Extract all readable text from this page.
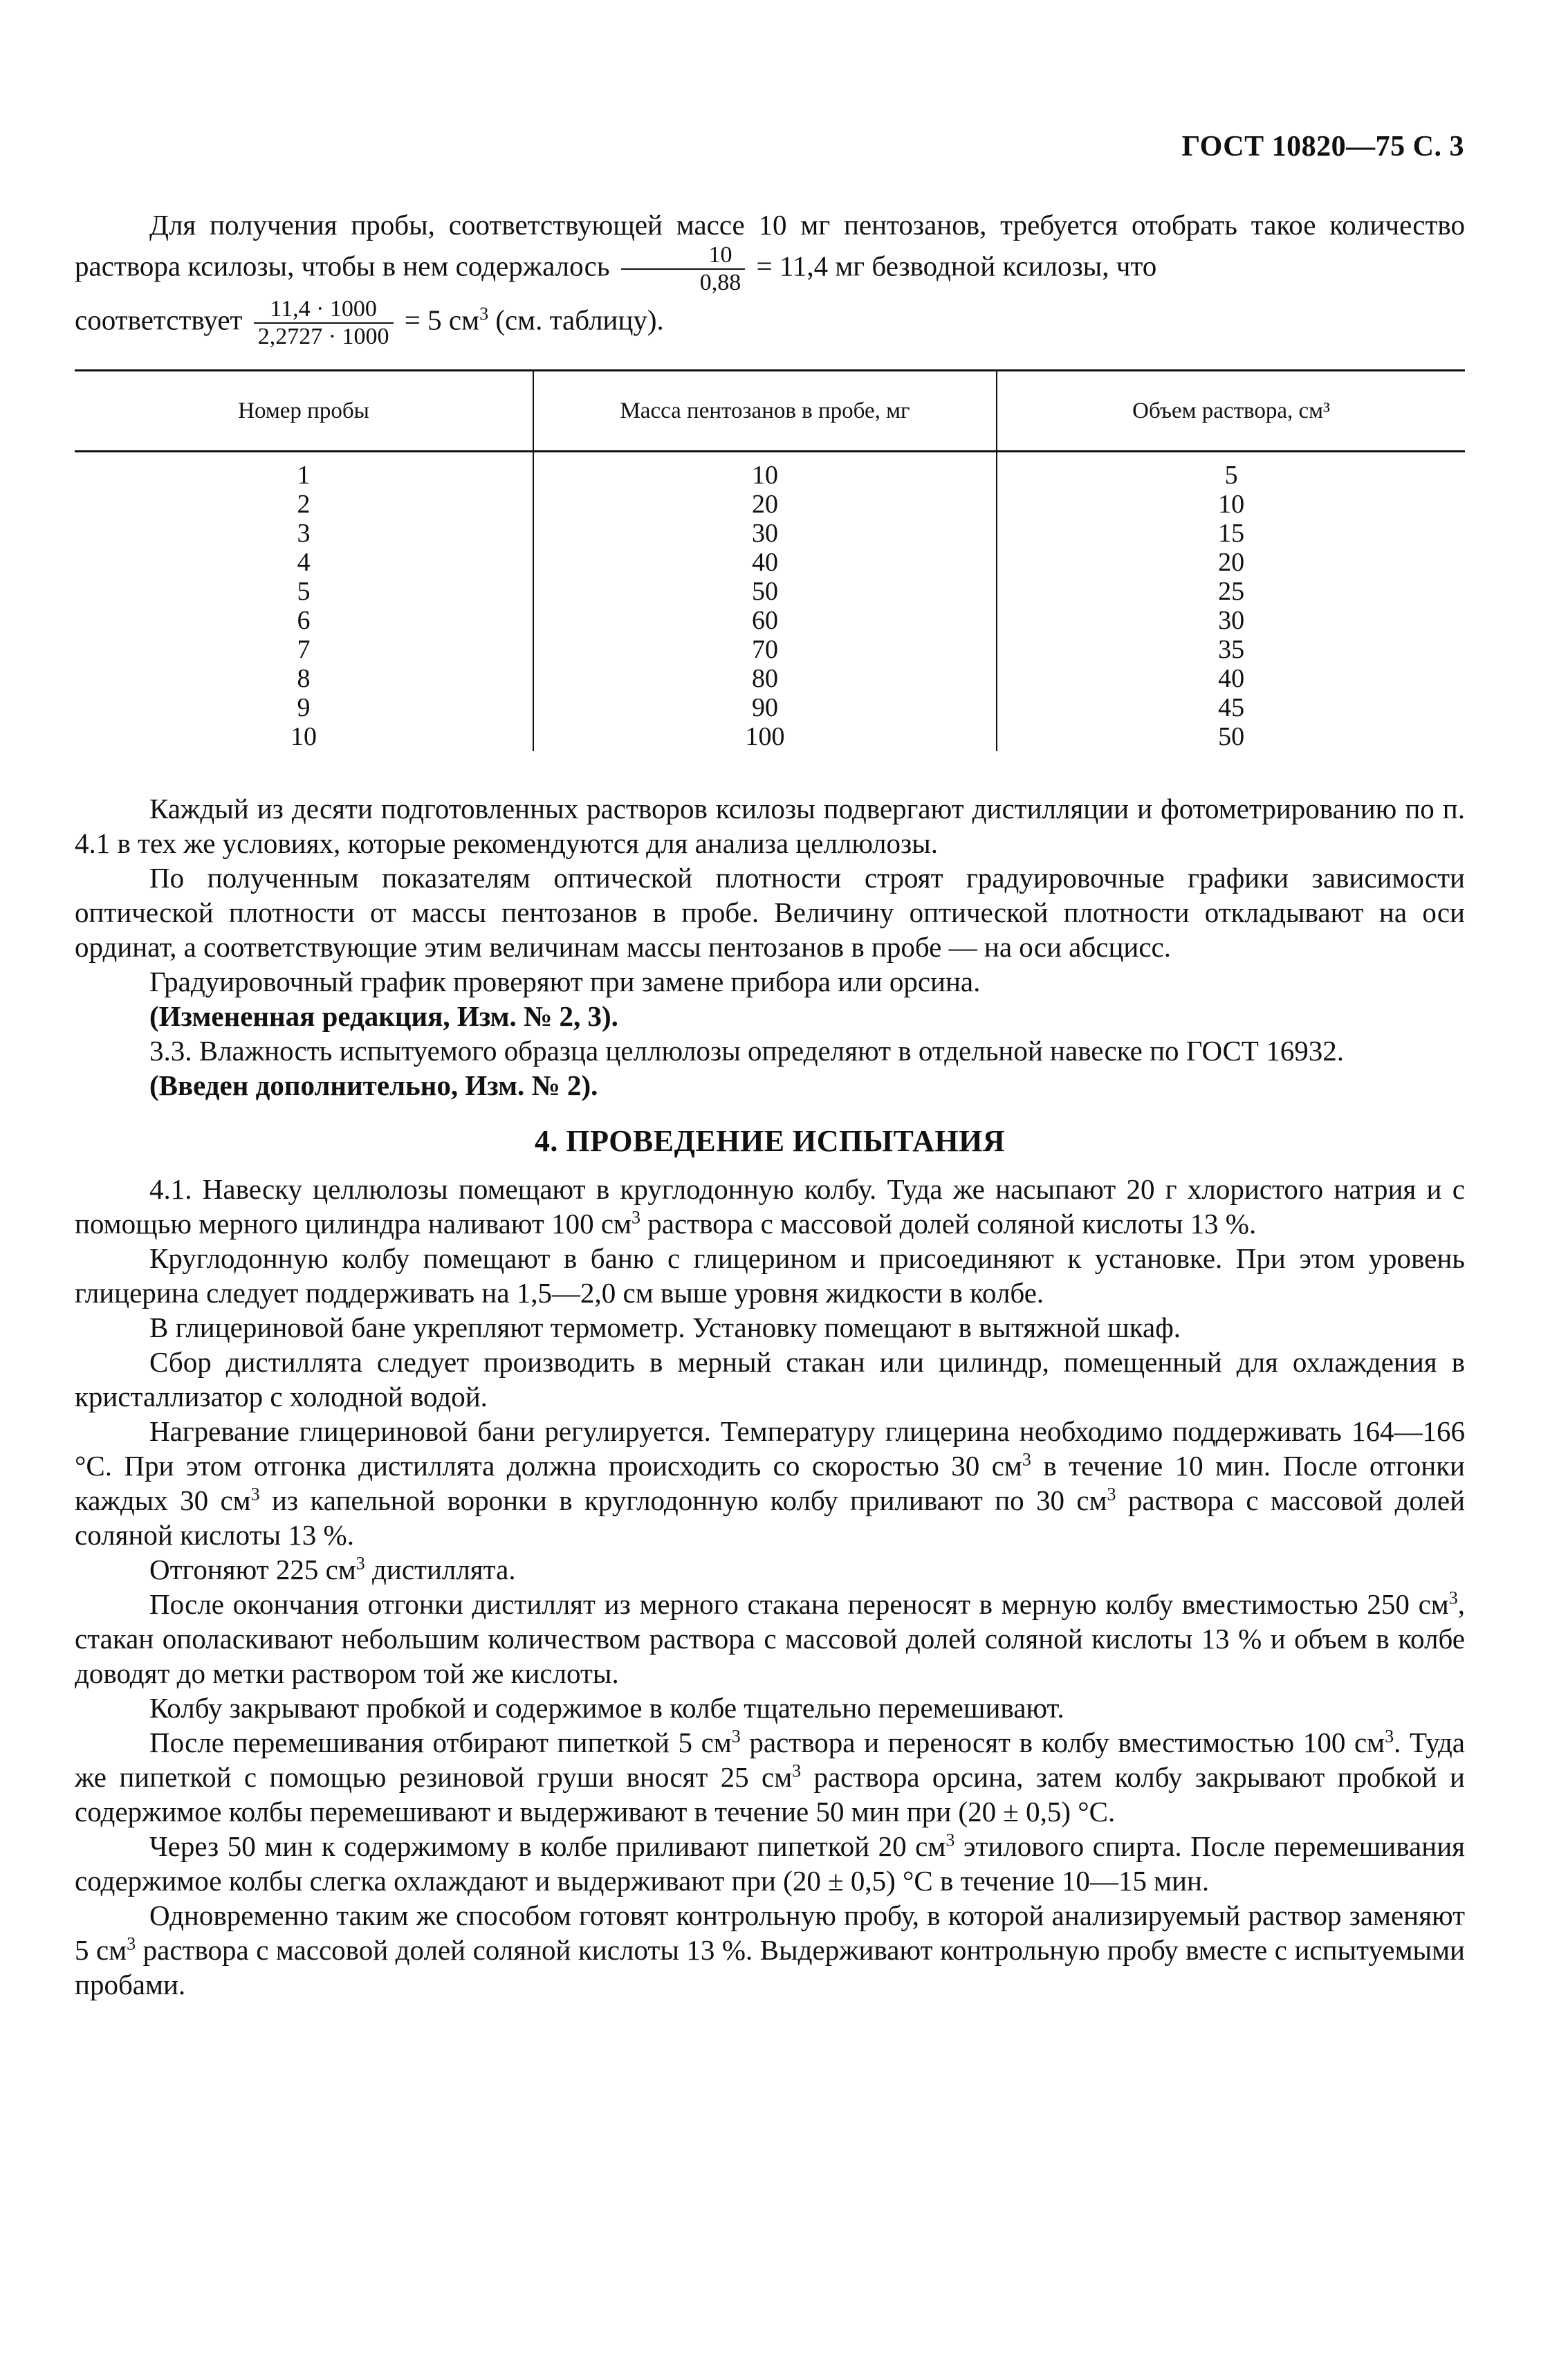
ГОСТ 10820—75 С. 3

Для получения пробы, соответствующей массе 10 мг пентозанов, требуется отобрать такое количество раствора ксилозы, чтобы в нем содержалось $\frac{10}{0,88} = 11,4$ мг безводной ксилозы, что

соответствует $\frac{11,4 \cdot 1000}{2,2727 \cdot 1000} = 5$ $см^3$ (см. таблицу).

Номер пробы	Масса пентозанов в пробе, мг	Объем раствора, см³
1	10	5
2	20	10
3	30	15
4	40	20
5	50	25
6	60	30
7	70	35
8	80	40
9	90	45
10	100	50

Каждый из десяти подготовленных растворов ксилозы подвергают дистилляции и фотометрированию по п. 4.1 в тех же условиях, которые рекомендуются для анализа целлюлозы.

По полученным показателям оптической плотности строят градуировочные графики зависимости оптической плотности от массы пентозанов в пробе. Величину оптической плотности откладывают на оси ординат, а соответствующие этим величинам массы пентозанов в пробе — на оси абсцисс.

Градуировочный график проверяют при замене прибора или орсина.

(Измененная редакция, Изм. № 2, 3).

3.3. Влажность испытуемого образца целлюлозы определяют в отдельной навеске по ГОСТ 16932.

(Введен дополнительно, Изм. № 2).

4. ПРОВЕДЕНИЕ ИСПЫТАНИЯ

4.1. Навеску целлюлозы помещают в круглодонную колбу. Туда же насыпают 20 г хлористого натрия и с помощью мерного цилиндра наливают 100 $см^3$ раствора с массовой долей соляной кислоты 13 %.

Круглодонную колбу помещают в баню с глицерином и присоединяют к установке. При этом уровень глицерина следует поддерживать на 1,5—2,0 см выше уровня жидкости в колбе.

В глицериновой бане укрепляют термометр. Установку помещают в вытяжной шкаф.

Сбор дистиллята следует производить в мерный стакан или цилиндр, помещенный для охлаждения в кристаллизатор с холодной водой.

Нагревание глицериновой бани регулируется. Температуру глицерина необходимо поддерживать 164—166 °С. При этом отгонка дистиллята должна происходить со скоростью 30 $см^3$ в течение 10 мин. После отгонки каждых 30 $см^3$ из капельной воронки в круглодонную колбу приливают по 30 $см^3$ раствора с массовой долей соляной кислоты 13 %.

Отгоняют 225 $см^3$ дистиллята.

После окончания отгонки дистиллят из мерного стакана переносят в мерную колбу вместимостью 250 $см^3$, стакан ополаскивают небольшим количеством раствора с массовой долей соляной кислоты 13 % и объем в колбе доводят до метки раствором той же кислоты.

Колбу закрывают пробкой и содержимое в колбе тщательно перемешивают.

После перемешивания отбирают пипеткой 5 $см^3$ раствора и переносят в колбу вместимостью 100 $см^3$. Туда же пипеткой с помощью резиновой груши вносят 25 $см^3$ раствора орсина, затем колбу закрывают пробкой и содержимое колбы перемешивают и выдерживают в течение 50 мин при (20 ± 0,5) °С.

Через 50 мин к содержимому в колбе приливают пипеткой 20 $см^3$ этилового спирта. После перемешивания содержимое колбы слегка охлаждают и выдерживают при (20 ± 0,5) °С в течение 10—15 мин.

Одновременно таким же способом готовят контрольную пробу, в которой анализируемый раствор заменяют 5 $см^3$ раствора с массовой долей соляной кислоты 13 %. Выдерживают контрольную пробу вместе с испытуемыми пробами.
